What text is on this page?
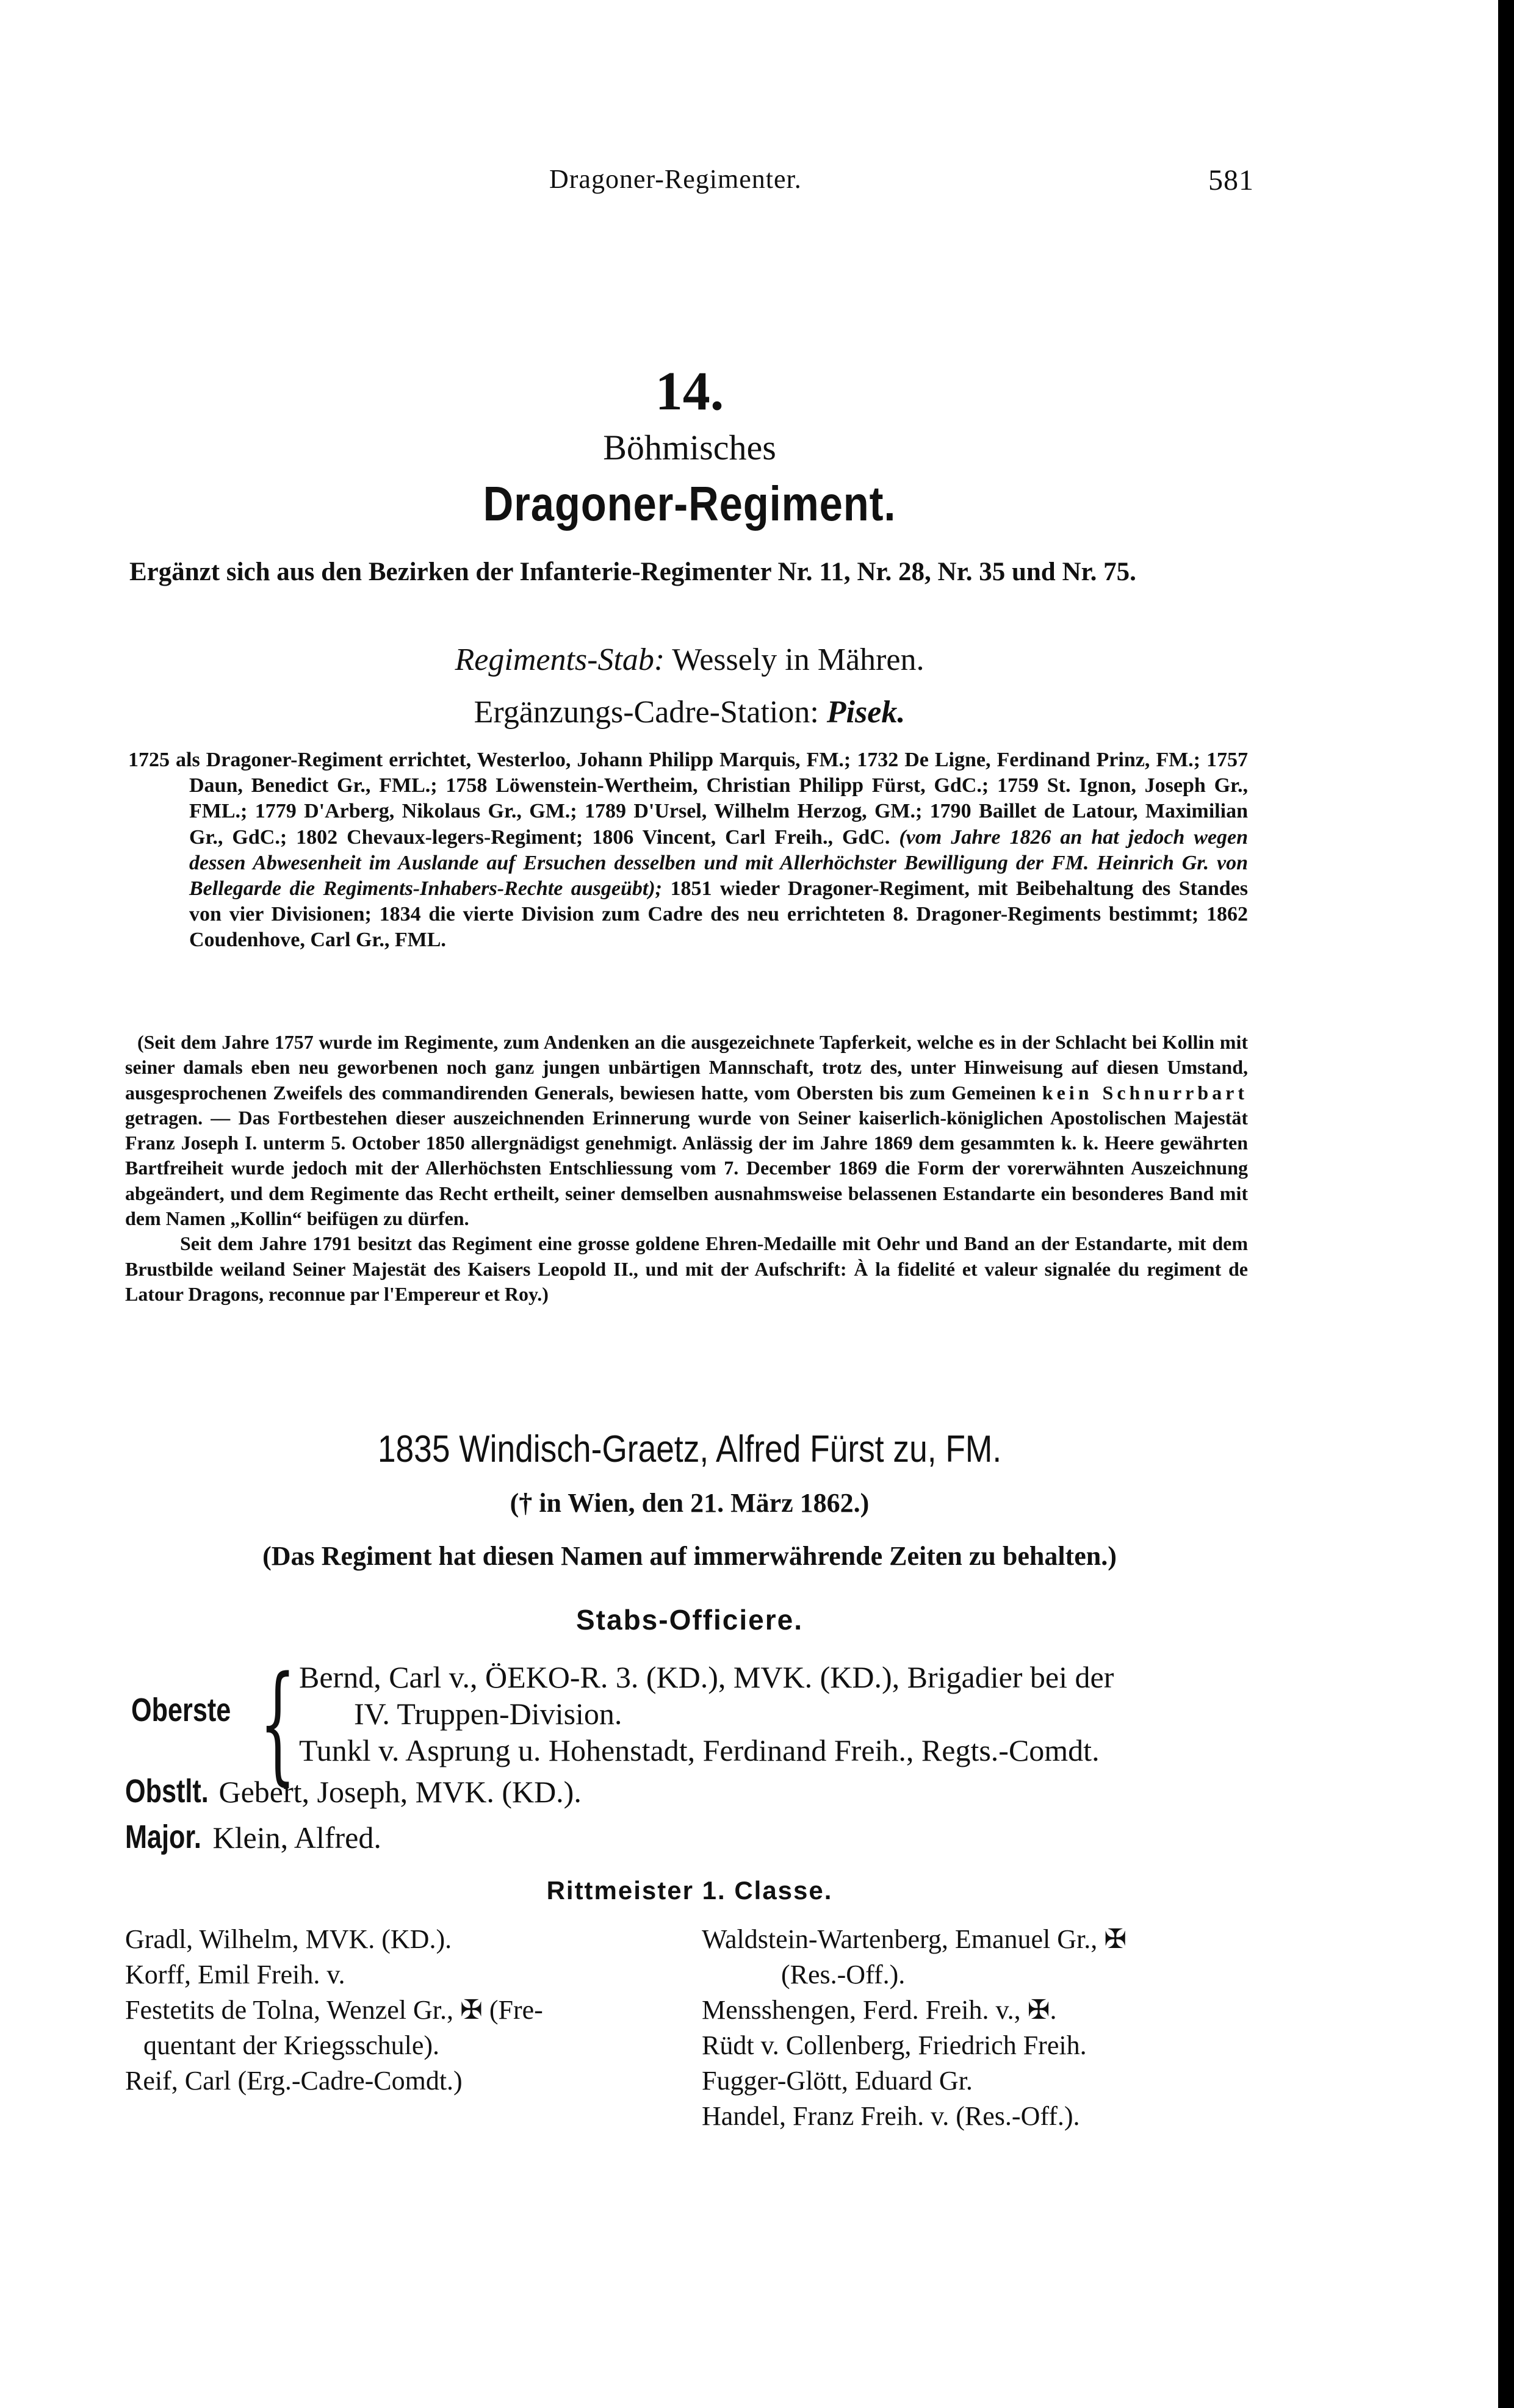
Dragoner-Regimenter.	581
14.
Böhmisches
Dragoner-Regiment.
Ergänzt sich aus den Bezirken der Infanterie-Regimenter Nr. 11, Nr. 28, Nr. 35 und Nr. 75.
Regiments-Stab: Wessely in Mähren.
Ergänzungs-Cadre-Station: Pisek.
1725 als Dragoner-Regiment errichtet, Westerloo, Johann Philipp Marquis, FM.; 1732 De Ligne, Ferdinand Prinz, FM.; 1757 Daun, Benedict Gr., FML.; 1758 Löwenstein-Wertheim, Christian Philipp Fürst, GdC.; 1759 St. Ignon, Joseph Gr., FML.; 1779 D'Arberg, Nikolaus Gr., GM.; 1789 D'Ursel, Wilhelm Herzog, GM.; 1790 Baillet de Latour, Maximilian Gr., GdC.; 1802 Chevaux-legers-Regiment; 1806 Vincent, Carl Freih., GdC. (vom Jahre 1826 an hat jedoch wegen dessen Abwesenheit im Auslande auf Ersuchen desselben und mit Allerhöchster Bewilligung der FM. Heinrich Gr. von Bellegarde die Regiments-Inhabers-Rechte ausgeübt); 1851 wieder Dragoner-Regiment, mit Beibehaltung des Standes von vier Divisionen; 1834 die vierte Division zum Cadre des neu errichteten 8. Dragoner-Regiments bestimmt; 1862 Coudenhove, Carl Gr., FML.

(Seit dem Jahre 1757 wurde im Regimente, zum Andenken an die ausgezeichnete Tapferkeit, welche es in der Schlacht bei Kollin mit seiner damals eben neu geworbenen noch ganz jungen unbärtigen Mannschaft, trotz des, unter Hinweisung auf diesen Umstand, ausgesprochenen Zweifels des commandirenden Generals, bewiesen hatte, vom Obersten bis zum Gemeinen kein Schnurrbart getragen. — Das Fortbestehen dieser auszeichnenden Erinnerung wurde von Seiner kaiserlich-königlichen Apostolischen Majestät Franz Joseph I. unterm 5. October 1850 allergnädigst genehmigt. Anlässig der im Jahre 1869 dem gesammten k. k. Heere gewährten Bartfreiheit wurde jedoch mit der Allerhöchsten Entschliessung vom 7. December 1869 die Form der vorerwähnten Auszeichnung abgeändert, und dem Regimente das Recht ertheilt, seiner demselben ausnahmsweise belassenen Estandarte ein besonderes Band mit dem Namen „Kollin“ beifügen zu dürfen.

Seit dem Jahre 1791 besitzt das Regiment eine grosse goldene Ehren-Medaille mit Oehr und Band an der Estandarte, mit dem Brustbilde weiland Seiner Majestät des Kaisers Leopold II., und mit der Aufschrift: À la fidelité et valeur signalée du regiment de Latour Dragons, reconnue par l'Empereur et Roy.)

1835 Windisch-Graetz, Alfred Fürst zu, FM.
(† in Wien, den 21. März 1862.)
(Das Regiment hat diesen Namen auf immerwährende Zeiten zu behalten.)
Stabs-Officiere.
Oberste { Bernd, Carl v., ÖEKO-R. 3. (KD.), MVK. (KD.), Brigadier bei der
IV. Truppen-Division.
Tunkl v. Asprung u. Hohenstadt, Ferdinand Freih., Regts.-Comdt.
Obstlt. Gebert, Joseph, MVK. (KD.).
Major. Klein, Alfred.
Rittmeister 1. Classe.
Gradl, Wilhelm, MVK. (KD.).
Korff, Emil Freih. v.
Festetits de Tolna, Wenzel Gr., ✠ (Fre-
quentant der Kriegsschule).
Reif, Carl (Erg.-Cadre-Comdt.)
Waldstein-Wartenberg, Emanuel Gr., ✠
(Res.-Off.).
Mensshengen, Ferd. Freih. v., ✠.
Rüdt v. Collenberg, Friedrich Freih.
Fugger-Glött, Eduard Gr.
Handel, Franz Freih. v. (Res.-Off.).
